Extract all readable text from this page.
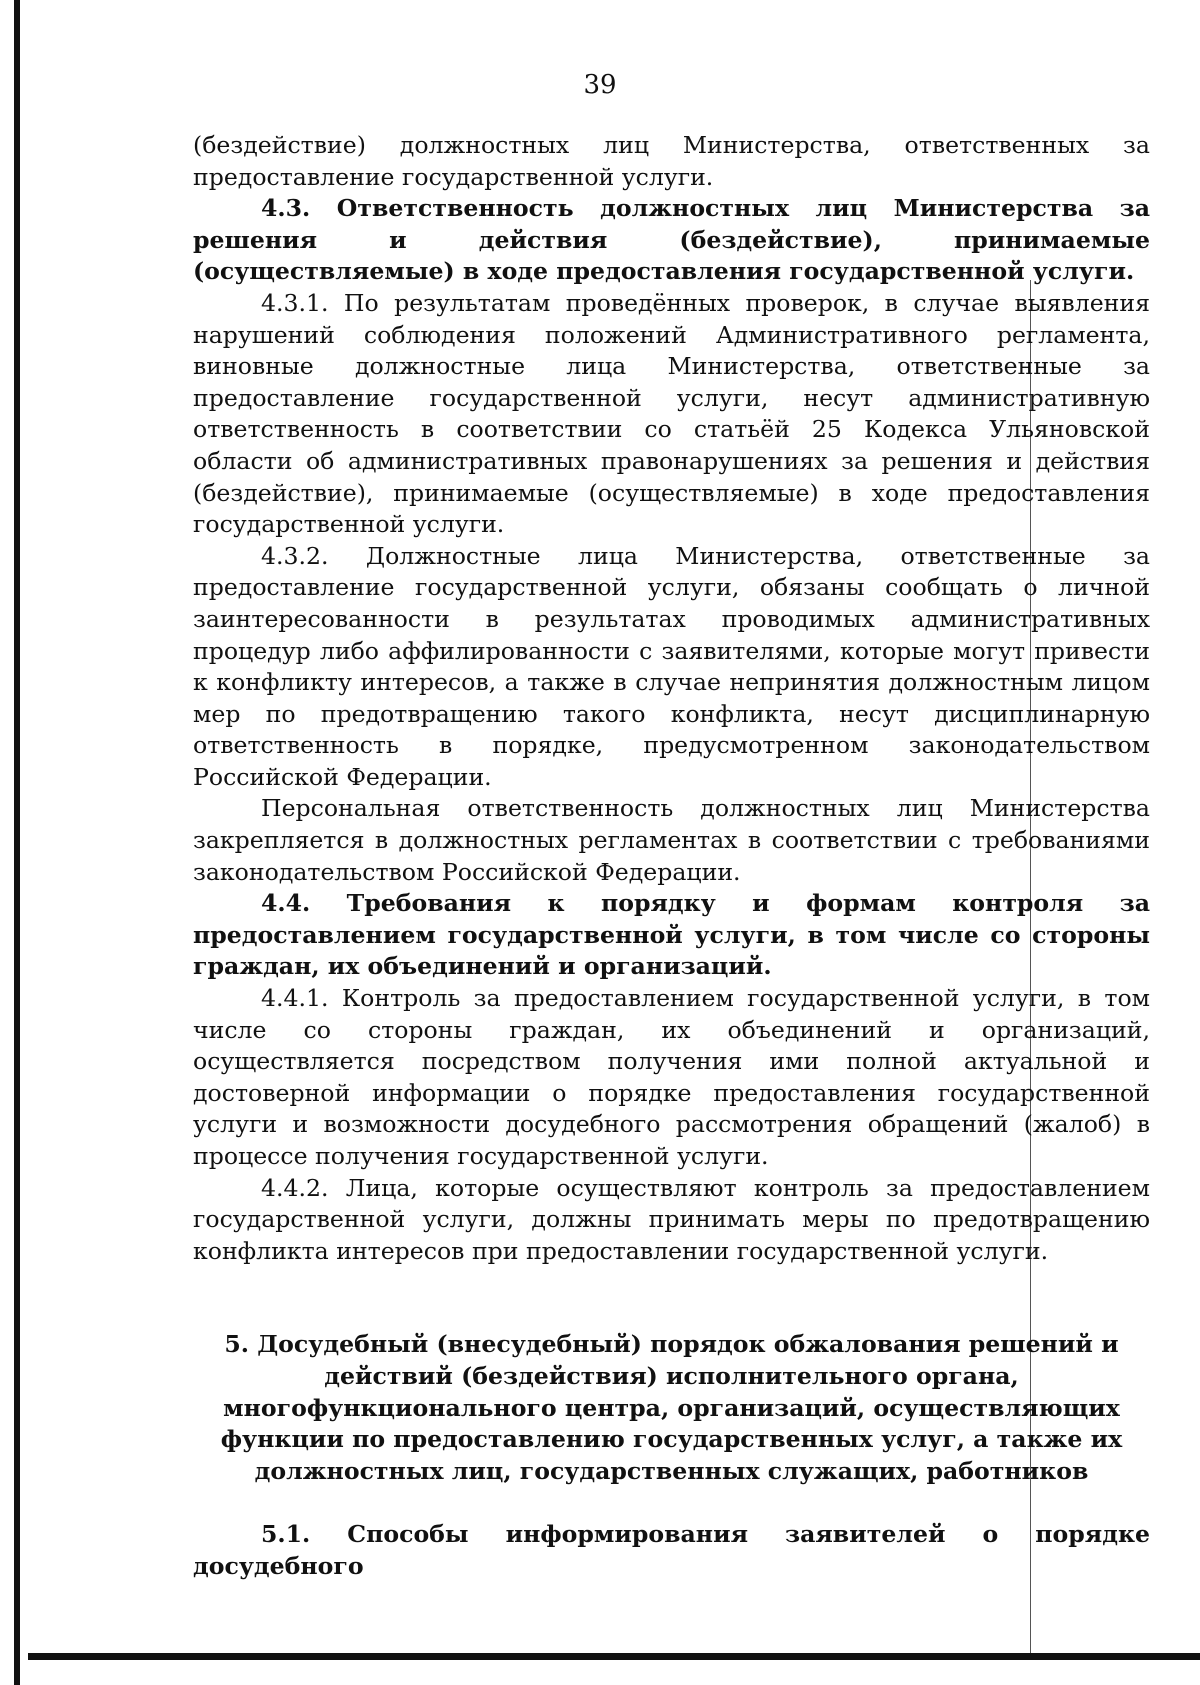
39

(бездействие) должностных лиц Министерства, ответственных за предоставление государственной услуги.

4.3. Ответственность должностных лиц Министерства за решения и действия (бездействие), принимаемые (осуществляемые) в ходе предоставления государственной услуги.

4.3.1. По результатам проведённых проверок, в случае выявления нарушений соблюдения положений Административного регламента, виновные должностные лица Министерства, ответственные за предоставление государственной услуги, несут административную ответственность в соответствии со статьёй 25 Кодекса Ульяновской области об административных правонарушениях за решения и действия (бездействие), принимаемые (осуществляемые) в ходе предоставления государственной услуги.

4.3.2. Должностные лица Министерства, ответственные за предоставление государственной услуги, обязаны сообщать о личной заинтересованности в результатах проводимых административных процедур либо аффилированности с заявителями, которые могут привести к конфликту интересов, а также в случае непринятия должностным лицом мер по предотвращению такого конфликта, несут дисциплинарную ответственность в порядке, предусмотренном законодательством Российской Федерации.

Персональная ответственность должностных лиц Министерства закрепляется в должностных регламентах в соответствии с требованиями законодательством Российской Федерации.

4.4. Требования к порядку и формам контроля за предоставлением государственной услуги, в том числе со стороны граждан, их объединений и организаций.

4.4.1. Контроль за предоставлением государственной услуги, в том числе со стороны граждан, их объединений и организаций, осуществляется посредством получения ими полной актуальной и достоверной информации о порядке предоставления государственной услуги и возможности досудебного рассмотрения обращений (жалоб) в процессе получения государственной услуги.

4.4.2. Лица, которые осуществляют контроль за предоставлением государственной услуги, должны принимать меры по предотвращению конфликта интересов при предоставлении государственной услуги.

5. Досудебный (внесудебный) порядок обжалования решений и действий (бездействия) исполнительного органа, многофункционального центра, организаций, осуществляющих функции по предоставлению государственных услуг, а также их должностных лиц, государственных служащих, работников

5.1. Способы информирования заявителей о порядке досудебного
